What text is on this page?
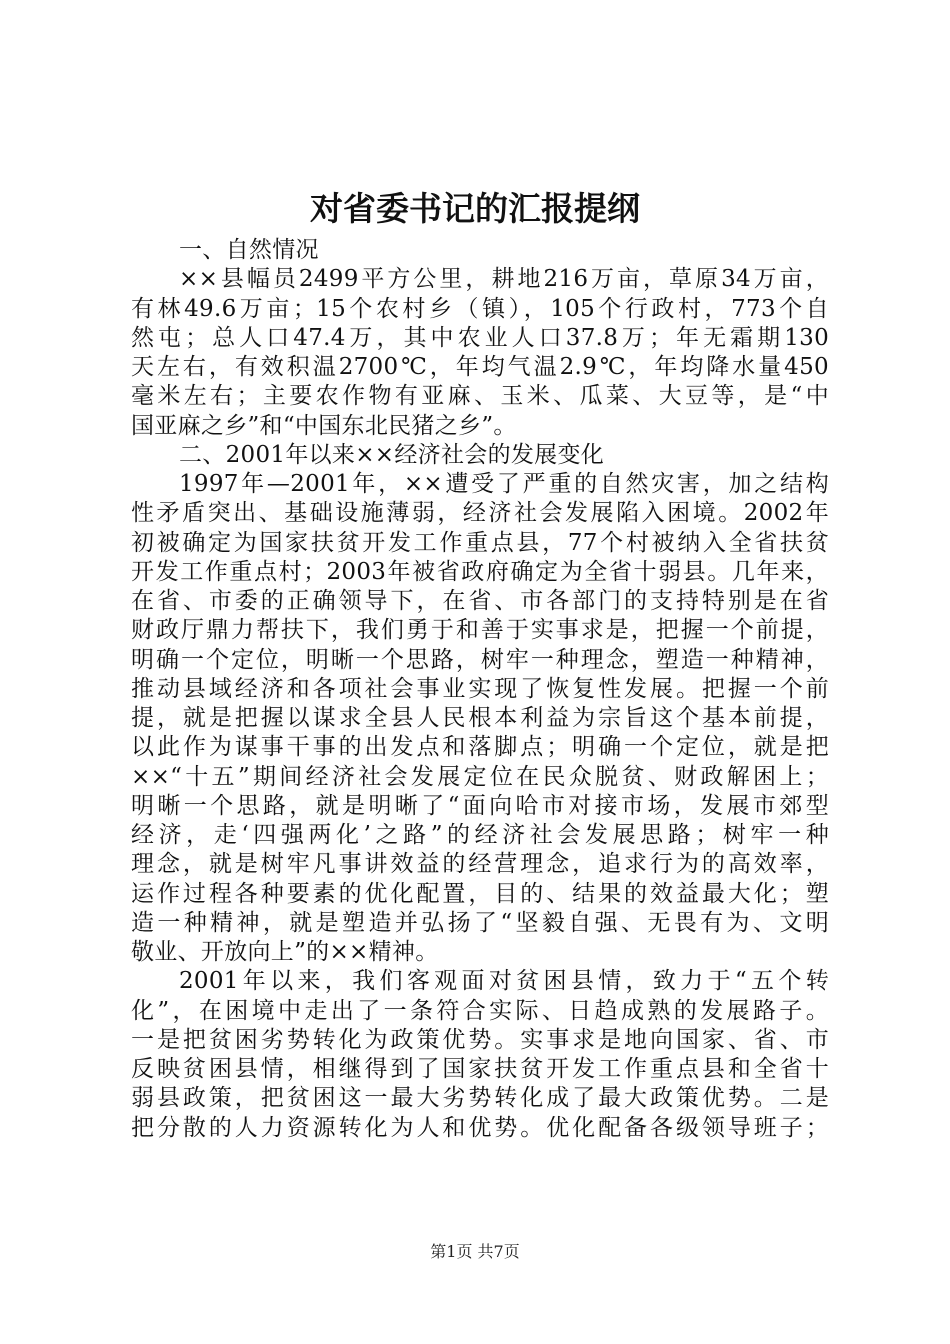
对省委书记的汇报提纲
一、自然情况
××县幅员2499平方公里，耕地216万亩，草原34万亩，
有林49.6万亩；15个农村乡（镇），105个行政村，773个自
然屯；总人口47.4万，其中农业人口37.8万；年无霜期130
天左右，有效积温2700℃，年均气温2.9℃，年均降水量450
毫米左右；主要农作物有亚麻、玉米、瓜菜、大豆等，是“中
国亚麻之乡”和“中国东北民猪之乡”。
二、2001年以来××经济社会的发展变化
1997年—2001年，××遭受了严重的自然灾害，加之结构
性矛盾突出、基础设施薄弱，经济社会发展陷入困境。2002年
初被确定为国家扶贫开发工作重点县，77个村被纳入全省扶贫
开发工作重点村；2003年被省政府确定为全省十弱县。几年来，
在省、市委的正确领导下，在省、市各部门的支持特别是在省
财政厅鼎力帮扶下，我们勇于和善于实事求是，把握一个前提，
明确一个定位，明晰一个思路，树牢一种理念，塑造一种精神，
推动县域经济和各项社会事业实现了恢复性发展。把握一个前
提，就是把握以谋求全县人民根本利益为宗旨这个基本前提，
以此作为谋事干事的出发点和落脚点；明确一个定位，就是把
××“十五”期间经济社会发展定位在民众脱贫、财政解困上；
明晰一个思路，就是明晰了“面向哈市对接市场，发展市郊型
经济，走‘四强两化’之路”的经济社会发展思路；树牢一种
理念，就是树牢凡事讲效益的经营理念，追求行为的高效率，
运作过程各种要素的优化配置，目的、结果的效益最大化；塑
造一种精神，就是塑造并弘扬了“坚毅自强、无畏有为、文明
敬业、开放向上”的××精神。
2001年以来，我们客观面对贫困县情，致力于“五个转
化”，在困境中走出了一条符合实际、日趋成熟的发展路子。
一是把贫困劣势转化为政策优势。实事求是地向国家、省、市
反映贫困县情，相继得到了国家扶贫开发工作重点县和全省十
弱县政策，把贫困这一最大劣势转化成了最大政策优势。二是
把分散的人力资源转化为人和优势。优化配备各级领导班子；
第1页 共7页
